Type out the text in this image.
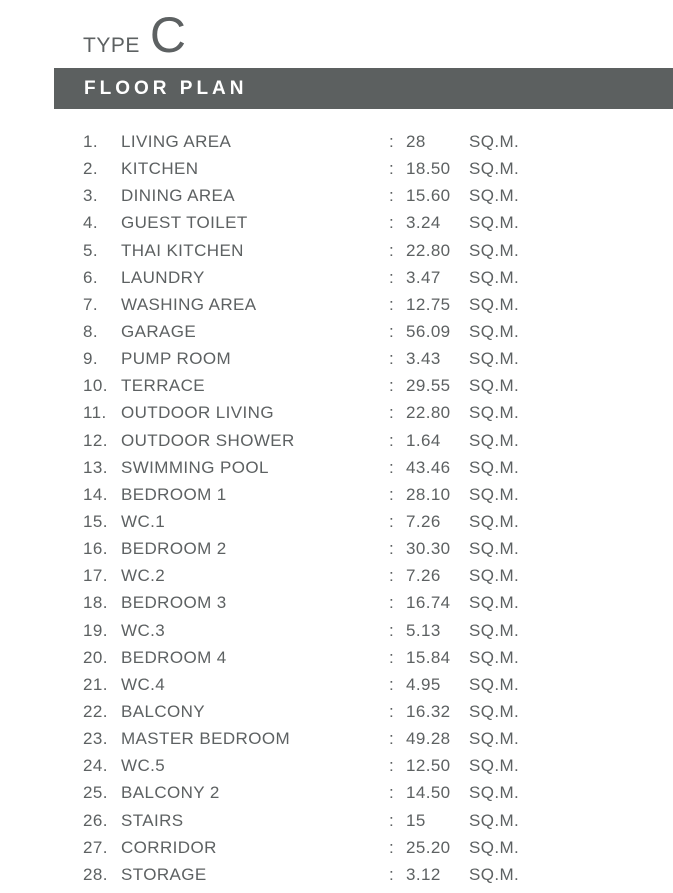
TYPE C
FLOOR PLAN
1. LIVING AREA	: 28	SQ.M.
2. KITCHEN	: 18.50 SQ.M.
3. DINING AREA	: 15.60 SQ.M.
4. GUEST TOILET	: 3.24 SQ.M.
5. THAI KITCHEN	: 22.80 SQ.M.
6. LAUNDRY	: 3.47 SQ.M.
7. WASHING AREA	: 12.75 SQ.M.
8. GARAGE	: 56.09 SQ.M.
9. PUMP ROOM	: 3.43 SQ.M.
10. TERRACE	: 29.55 SQ.M.
11. OUTDOOR LIVING	: 22.80 SQ.M.
12. OUTDOOR SHOWER	: 1.64 SQ.M.
13. SWIMMING POOL	: 43.46 SQ.M.
14. BEDROOM 1	: 28.10 SQ.M.
15. WC.1	: 7.26 SQ.M.
16. BEDROOM 2	: 30.30 SQ.M.
17. WC.2	: 7.26 SQ.M.
18. BEDROOM 3	: 16.74 SQ.M.
19. WC.3	: 5.13 SQ.M.
20. BEDROOM 4	: 15.84 SQ.M.
21. WC.4	: 4.95 SQ.M.
22. BALCONY	: 16.32 SQ.M.
23. MASTER BEDROOM	: 49.28 SQ.M.
24. WC.5	: 12.50 SQ.M.
25. BALCONY 2	: 14.50 SQ.M.
26. STAIRS	: 15	SQ.M.
27. CORRIDOR	: 25.20 SQ.M.
28. STORAGE	: 3.12 SQ.M.
